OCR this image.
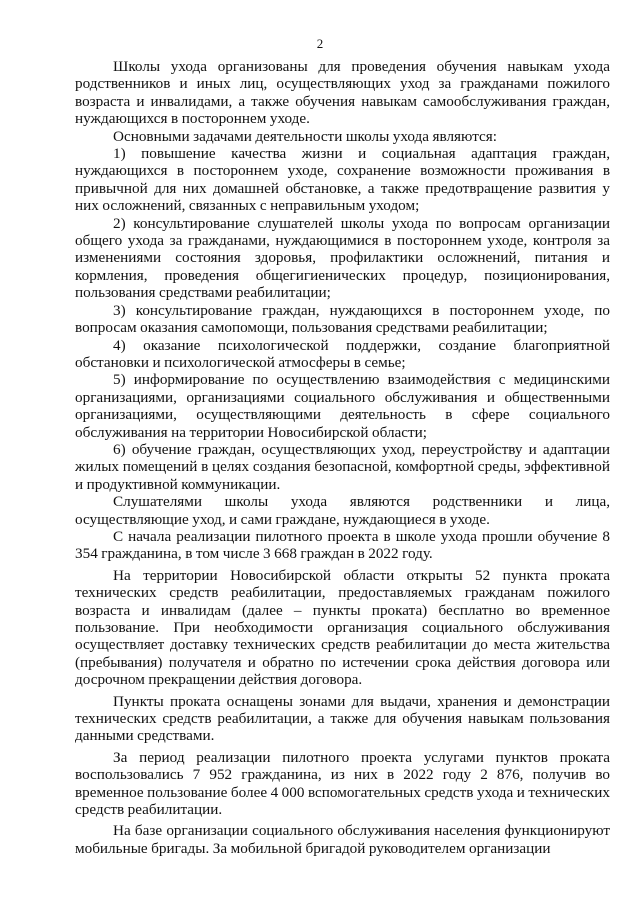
2

Школы ухода организованы для проведения обучения навыкам ухода родственников и иных лиц, осуществляющих уход за гражданами пожилого возраста и инвалидами, а также обучения навыкам самообслуживания граждан, нуждающихся в постороннем уходе.

Основными задачами деятельности школы ухода являются:

1) повышение качества жизни и социальная адаптация граждан, нуждающихся в постороннем уходе, сохранение возможности проживания в привычной для них домашней обстановке, а также предотвращение развития у них осложнений, связанных с неправильным уходом;

2) консультирование слушателей школы ухода по вопросам организации общего ухода за гражданами, нуждающимися в постороннем уходе, контроля за изменениями состояния здоровья, профилактики осложнений, питания и кормления, проведения общегигиенических процедур, позиционирования, пользования средствами реабилитации;

3) консультирование граждан, нуждающихся в постороннем уходе, по вопросам оказания самопомощи, пользования средствами реабилитации;

4) оказание психологической поддержки, создание благоприятной обстановки и психологической атмосферы в семье;

5) информирование по осуществлению взаимодействия с медицинскими организациями, организациями социального обслуживания и общественными организациями, осуществляющими деятельность в сфере социального обслуживания на территории Новосибирской области;

6) обучение граждан, осуществляющих уход, переустройству и адаптации жилых помещений в целях создания безопасной, комфортной среды, эффективной и продуктивной коммуникации.

Слушателями школы ухода являются родственники и лица, осуществляющие уход, и сами граждане, нуждающиеся в уходе.

С начала реализации пилотного проекта в школе ухода прошли обучение 8 354 гражданина, в том числе 3 668 граждан в 2022 году.

На территории Новосибирской области открыты 52 пункта проката технических средств реабилитации, предоставляемых гражданам пожилого возраста и инвалидам (далее – пункты проката) бесплатно во временное пользование. При необходимости организация социального обслуживания осуществляет доставку технических средств реабилитации до места жительства (пребывания) получателя и обратно по истечении срока действия договора или досрочном прекращении действия договора.

Пункты проката оснащены зонами для выдачи, хранения и демонстрации технических средств реабилитации, а также для обучения навыкам пользования данными средствами.

За период реализации пилотного проекта услугами пунктов проката воспользовались 7 952 гражданина, из них в 2022 году 2 876, получив во временное пользование более 4 000 вспомогательных средств ухода и технических средств реабилитации.

На базе организации социального обслуживания населения функционируют мобильные бригады. За мобильной бригадой руководителем организации
